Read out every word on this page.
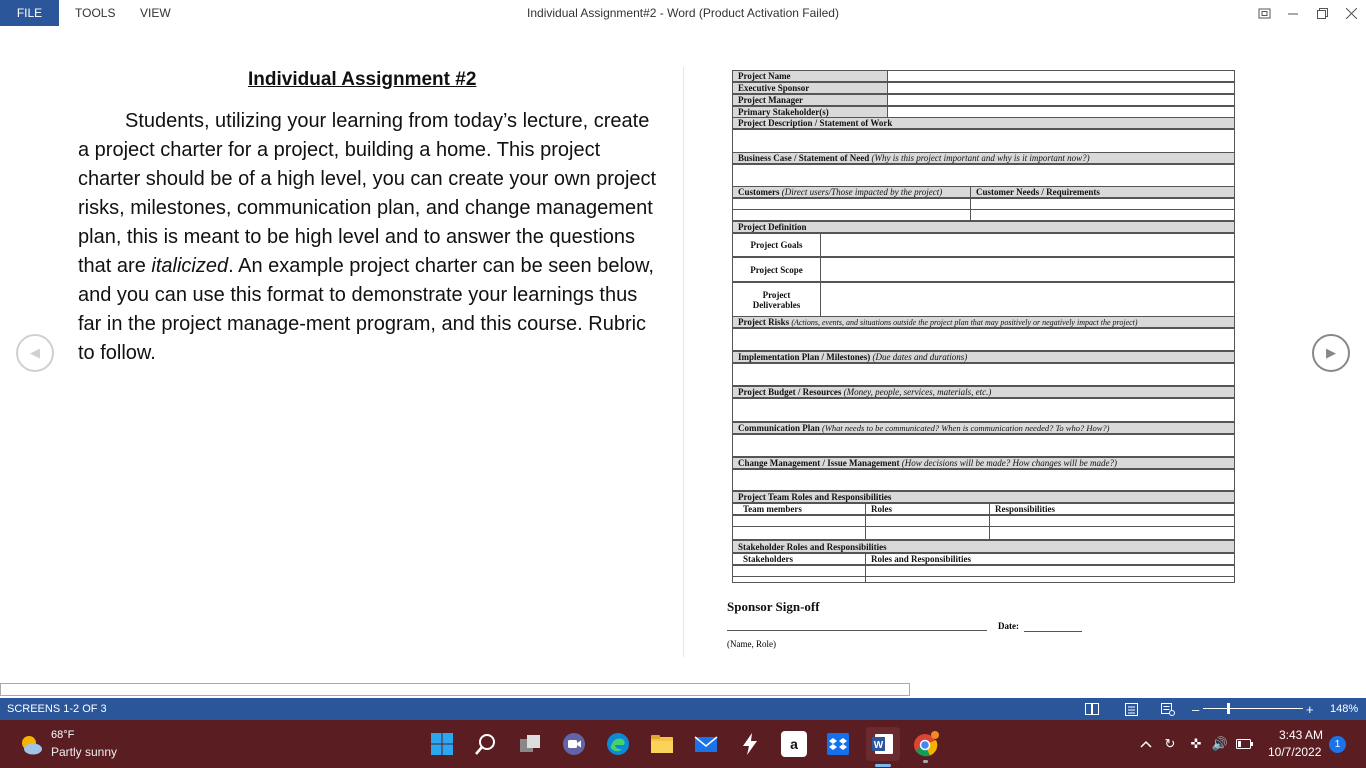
FILE	TOOLS VIEW	Individual Assignment#2 - Word (Product Activation Failed)
Individual Assignment #2

Students, utilizing your learning from today’s lecture, create a project charter for a project, building a home. This project charter should be of a high level, you can create your own project risks, milestones, communication plan, and change management plan, this is meant to be high level and to answer the questions that are italicized. An example project charter can be seen below, and you can use this format to demonstrate your learnings thus far in the project manage-ment program, and this course. Rubric to follow.

◀	▶
Project Name
Executive Sponsor
Project Manager
Primary Stakeholder(s)
Project Description / Statement of Work
Business Case / Statement of Need (Why is this project important and why is it important now?)
Customers (Direct users/Those impacted by the project)	Customer Needs / Requirements
Project Definition
Project Goals
Project Scope
Project Deliverables
Project Risks (Actions, events, and situations outside the project plan that may positively or negatively impact the project)
Implementation Plan / Milestones) (Due dates and durations)
Project Budget / Resources (Money, people, services, materials, etc.)
Communication Plan (What needs to be communicated? When is communication needed? To who? How?)
Change Management / Issue Management (How decisions will be made? How changes will be made?)
Project Team Roles and Responsibilities
Team members	Roles	Responsibilities
Stakeholder Roles and Responsibilities
Stakeholders	Roles and Responsibilities
Sponsor Sign-off
Date:
(Name, Role)
SCREENS 1-2 OF 3	–	+ 148%
68°F
Partly sunny	a	W	↻ ✜ 🔊
3:43 AM
10/7/2022
1
